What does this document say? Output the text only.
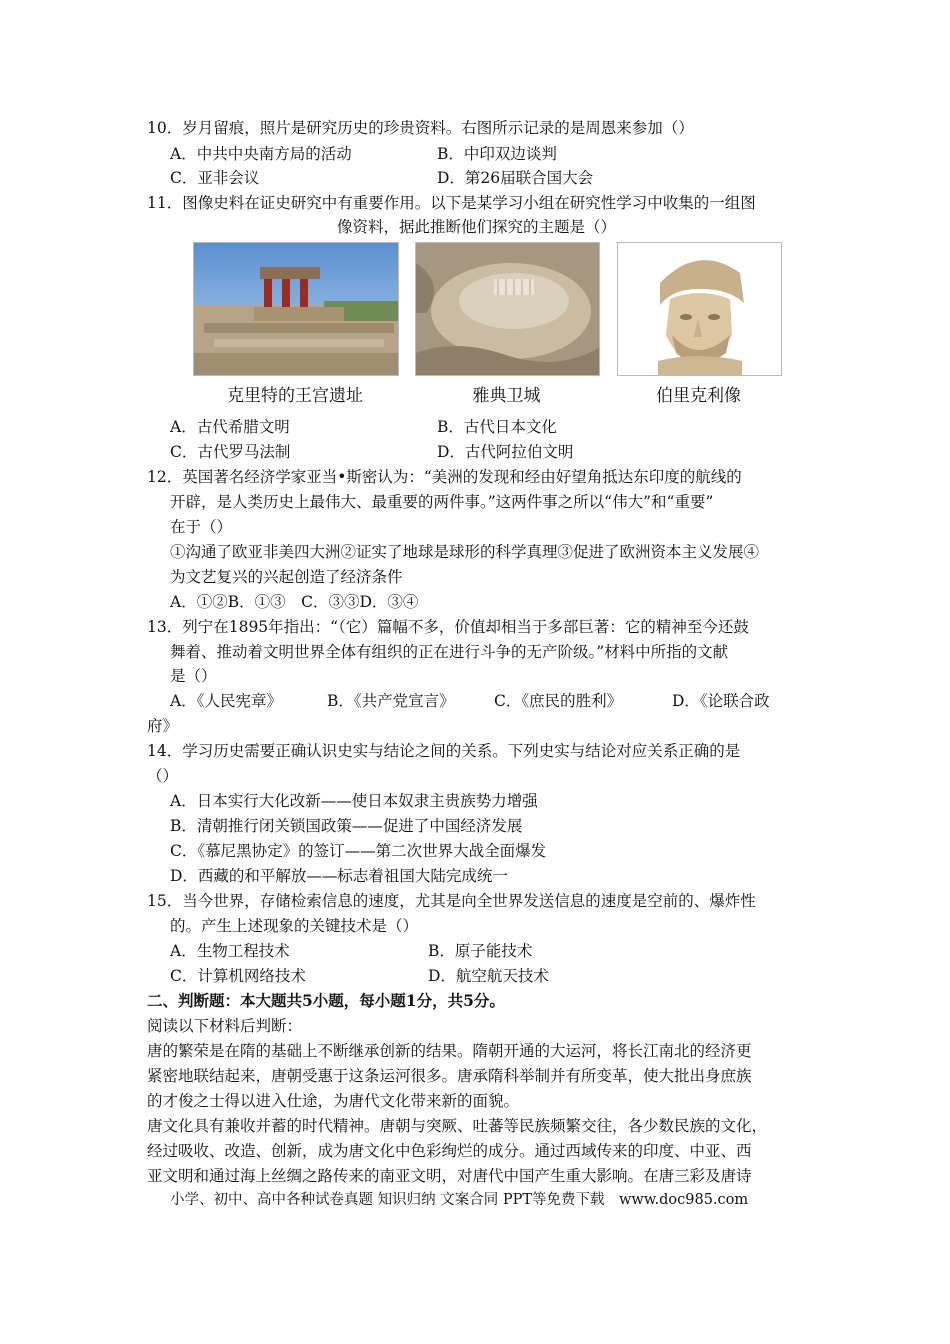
10．岁月留痕，照片是研究历史的珍贵资料。右图所示记录的是周恩来参加（）
A．中共中央南方局的活动	B．中印双边谈判
C．亚非会议	D．第26届联合国大会
11．图像史料在证史研究中有重要作用。以下是某学习小组在研究性学习中收集的一组图
像资料，据此推断他们探究的主题是（）
克里特的王宫遗址	雅典卫城	伯里克利像
A．古代希腊文明	B．古代日本文化
C．古代罗马法制	D．古代阿拉伯文明
12．英国著名经济学家亚当•斯密认为：“美洲的发现和经由好望角抵达东印度的航线的
开辟，是人类历史上最伟大、最重要的两件事。”这两件事之所以“伟大”和“重要”
在于（）
①沟通了欧亚非美四大洲②证实了地球是球形的科学真理③促进了欧洲资本主义发展④
为文艺复兴的兴起创造了经济条件
A．①②B．①③　C．③③D．③④
13．列宁在1895年指出：“（它）篇幅不多，价值却相当于多部巨著：它的精神至今还鼓
舞着、推动着文明世界全体有组织的正在进行斗争的无产阶级。”材料中所指的文献
是（）
A．《人民宪章》	B．《共产党宣言》	C．《庶民的胜利》	D．《论联合政
府》
14．学习历史需要正确认识史实与结论之间的关系。下列史实与结论对应关系正确的是
（）
A．日本实行大化改新——使日本奴隶主贵族势力增强
B．清朝推行闭关锁国政策——促进了中国经济发展
C．《慕尼黑协定》的签订——第二次世界大战全面爆发
D．西藏的和平解放——标志着祖国大陆完成统一
15．当今世界，存储检索信息的速度，尤其是向全世界发送信息的速度是空前的、爆炸性
的。产生上述现象的关键技术是（）
A．生物工程技术	B．原子能技术
C．计算机网络技术	D．航空航天技术
二、判断题：本大题共5小题，每小题1分，共5分。
阅读以下材料后判断：
唐的繁荣是在隋的基础上不断继承创新的结果。隋朝开通的大运河，将长江南北的经济更
紧密地联结起来，唐朝受惠于这条运河很多。唐承隋科举制并有所变革，使大批出身庶族
的才俊之士得以进入仕途，为唐代文化带来新的面貌。
唐文化具有兼收并蓄的时代精神。唐朝与突厥、吐蕃等民族频繁交往，各少数民族的文化，
经过吸收、改造、创新，成为唐文化中色彩绚烂的成分。通过西域传来的印度、中亚、西
亚文明和通过海上丝绸之路传来的南亚文明，对唐代中国产生重大影响。在唐三彩及唐诗
小学、初中、高中各种试卷真题 知识归纳 文案合同 PPT等免费下载　www.doc985.com
